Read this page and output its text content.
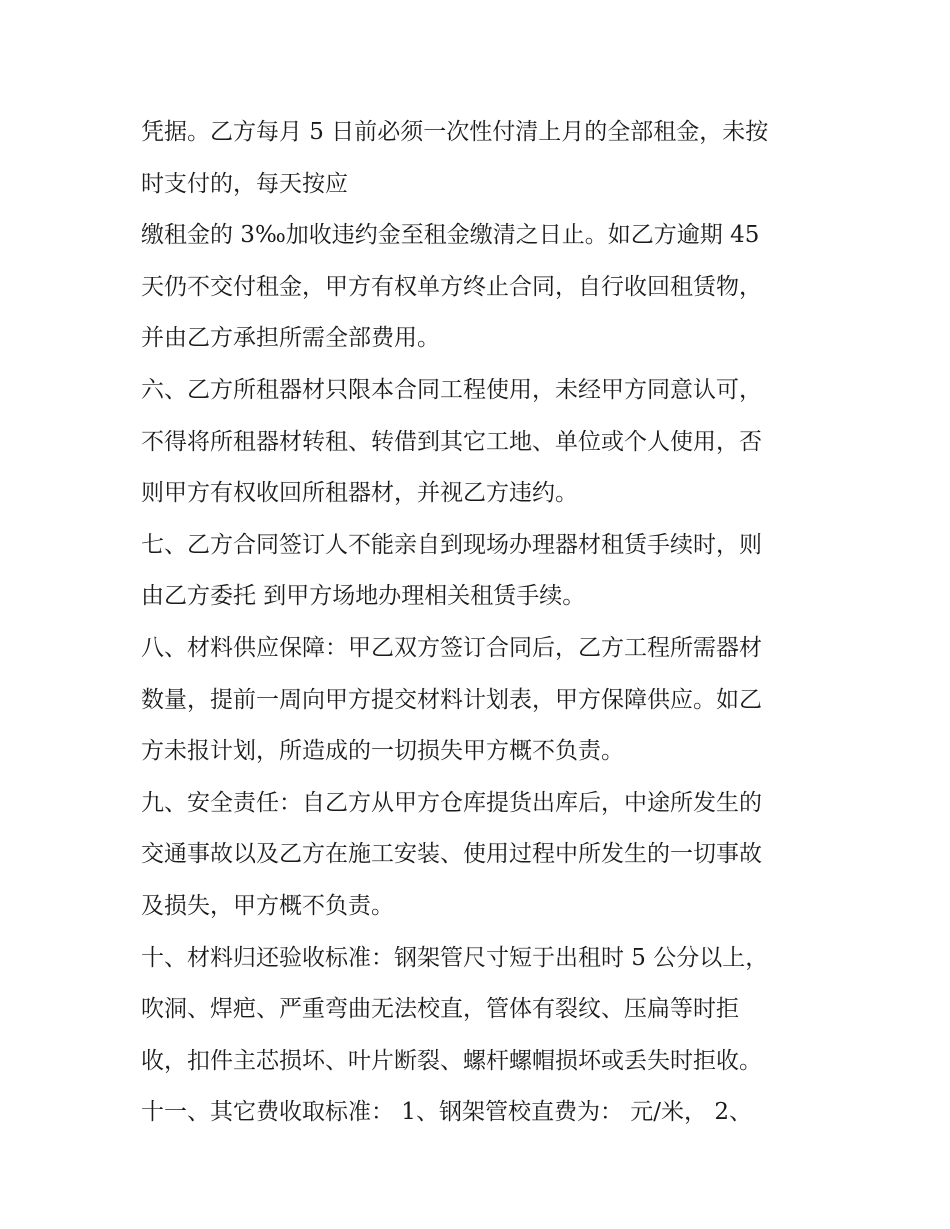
凭据。乙方每月 5 日前必须一次性付清上月的全部租金，未按
时支付的，每天按应
缴租金的 3‰加收违约金至租金缴清之日止。如乙方逾期 45
天仍不交付租金，甲方有权单方终止合同，自行收回租赁物，
并由乙方承担所需全部费用。
六、乙方所租器材只限本合同工程使用，未经甲方同意认可，
不得将所租器材转租、转借到其它工地、单位或个人使用，否
则甲方有权收回所租器材，并视乙方违约。
七、乙方合同签订人不能亲自到现场办理器材租赁手续时，则
由乙方委托 到甲方场地办理相关租赁手续。
八、材料供应保障：甲乙双方签订合同后，乙方工程所需器材
数量，提前一周向甲方提交材料计划表，甲方保障供应。如乙
方未报计划，所造成的一切损失甲方概不负责。
九、安全责任：自乙方从甲方仓库提货出库后，中途所发生的
交通事故以及乙方在施工安装、使用过程中所发生的一切事故
及损失，甲方概不负责。
十、材料归还验收标准：钢架管尺寸短于出租时 5 公分以上，
吹洞、焊疤、严重弯曲无法校直，管体有裂纹、压扁等时拒
收，扣件主芯损坏、叶片断裂、螺杆螺帽损坏或丢失时拒收。
十一、其它费收取标准： 1、钢架管校直费为： 元/米， 2、
